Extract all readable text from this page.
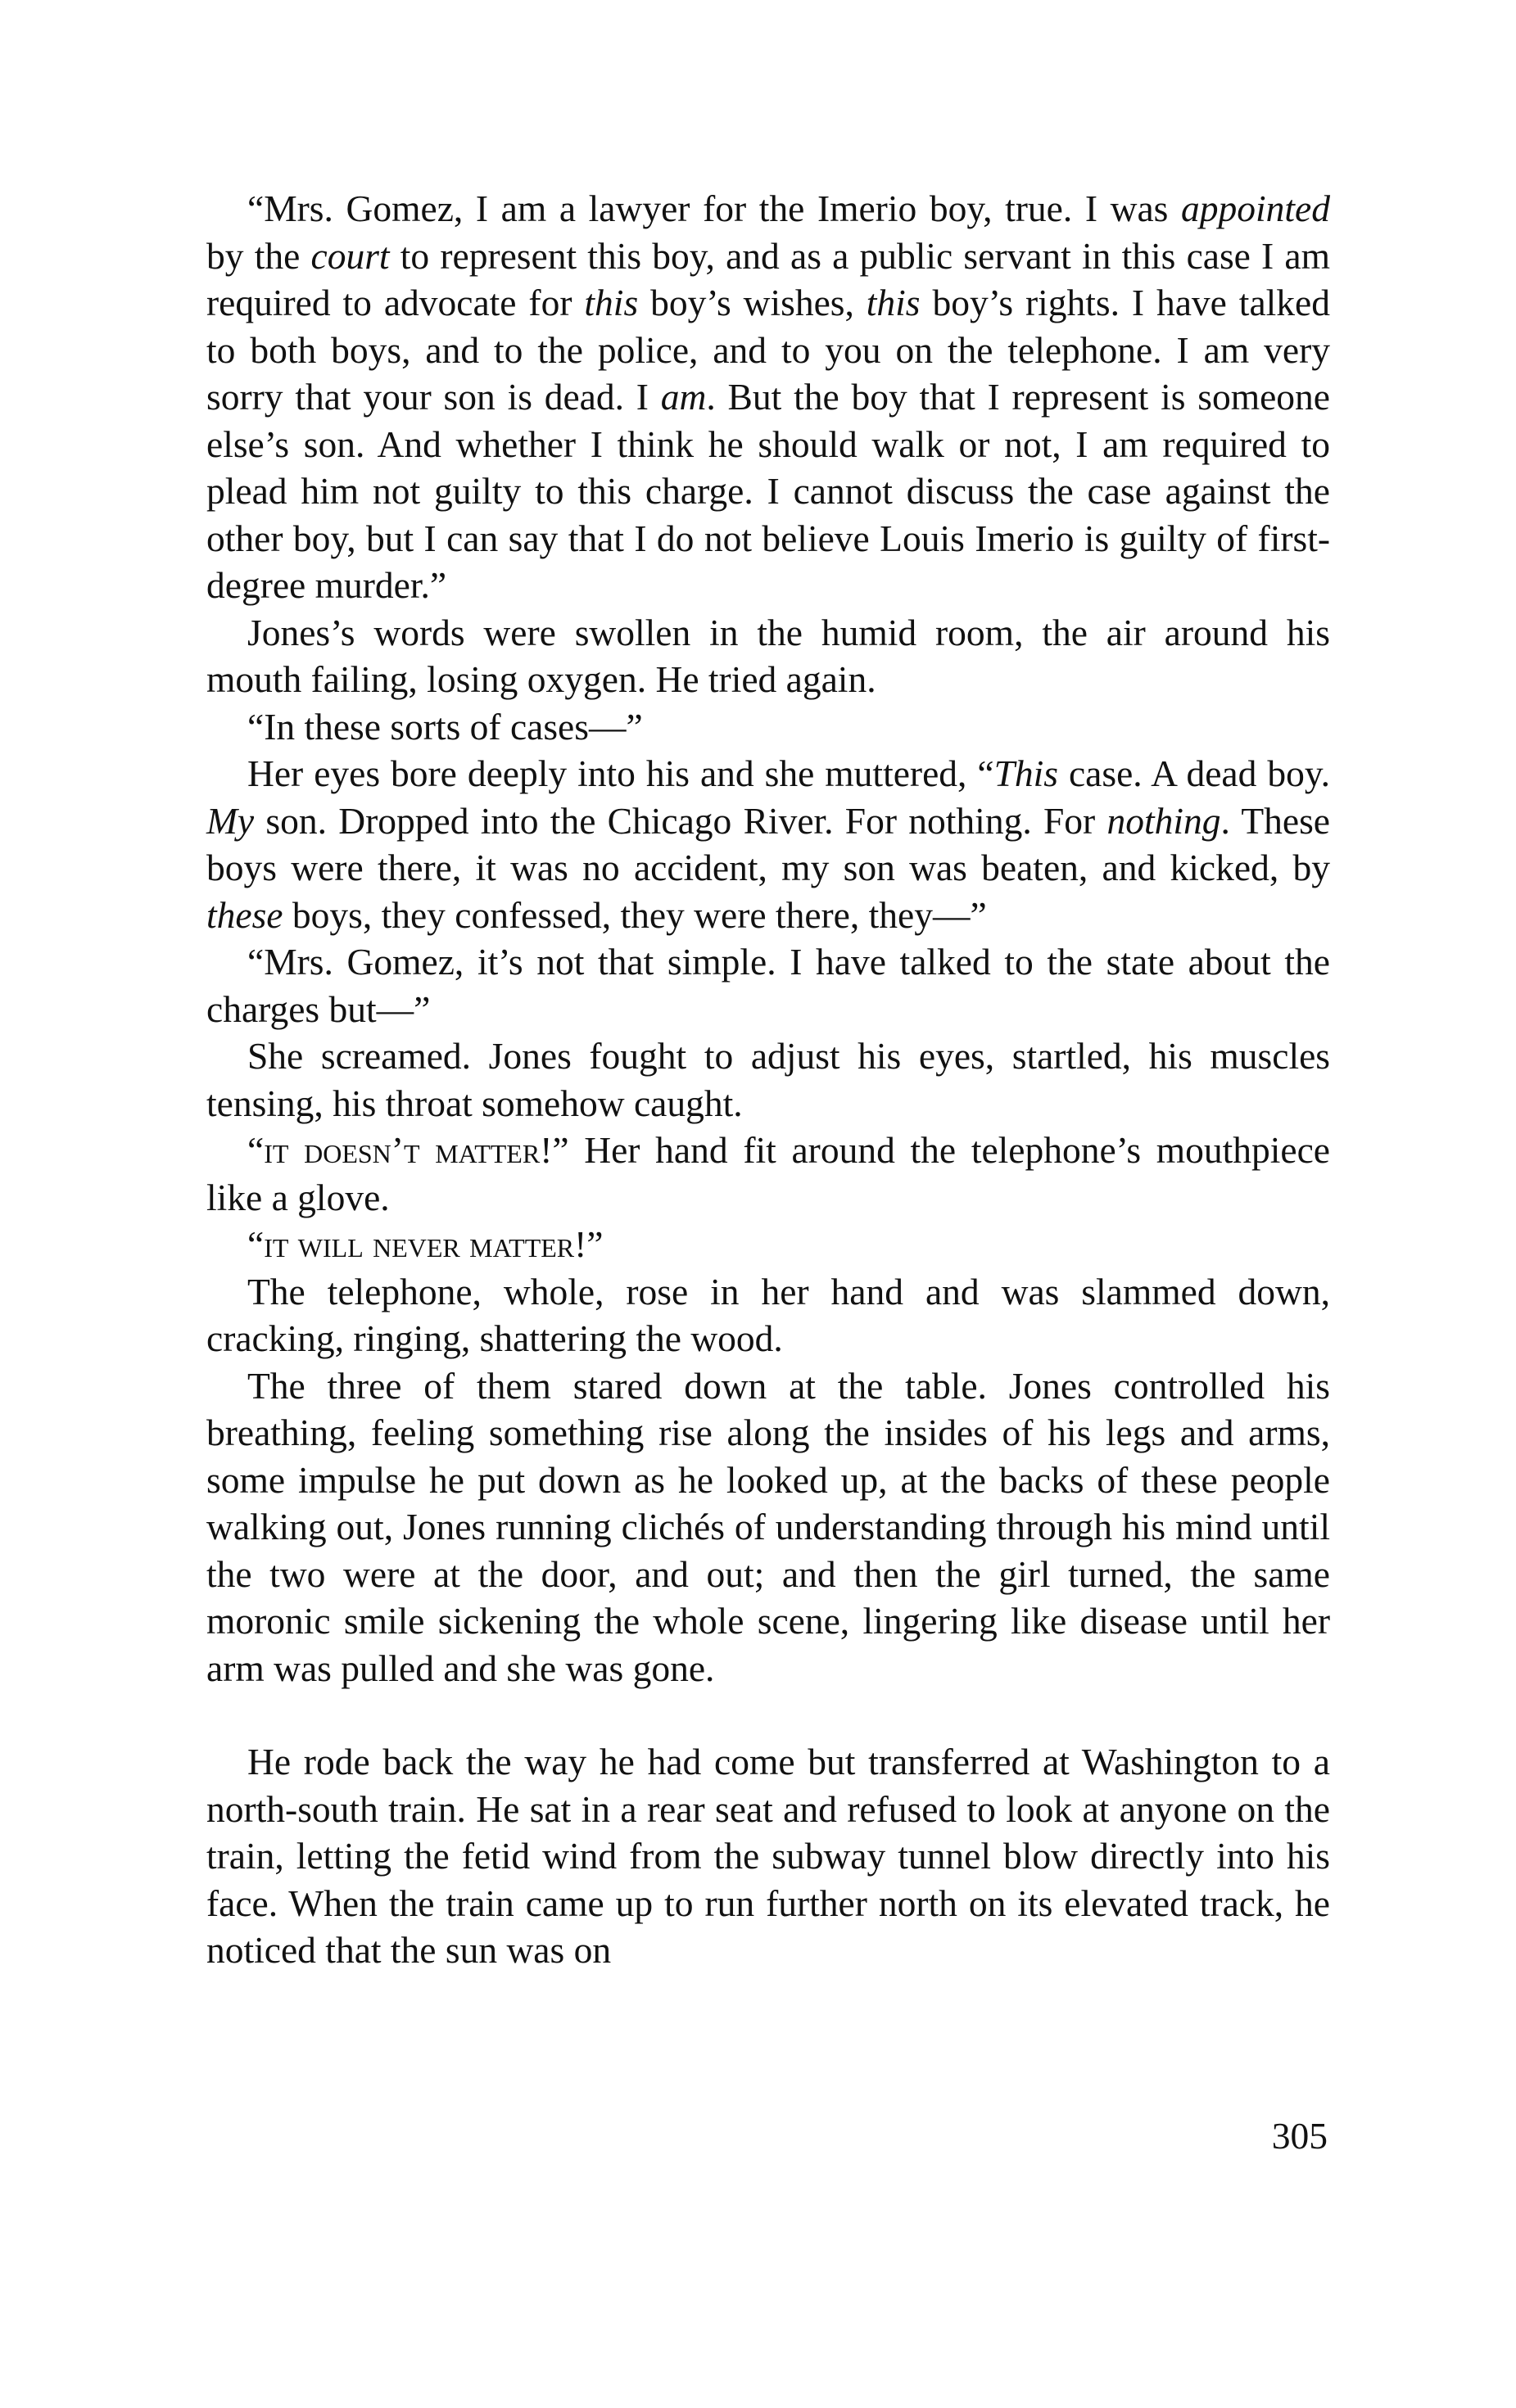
“Mrs. Gomez, I am a lawyer for the Imerio boy, true. I was appointed by the court to represent this boy, and as a public servant in this case I am required to advocate for this boy’s wishes, this boy’s rights. I have talked to both boys, and to the police, and to you on the telephone. I am very sorry that your son is dead. I am. But the boy that I represent is someone else’s son. And whether I think he should walk or not, I am required to plead him not guilty to this charge. I cannot discuss the case against the other boy, but I can say that I do not believe Louis Imerio is guilty of first-degree murder.”

Jones’s words were swollen in the humid room, the air around his mouth failing, losing oxygen. He tried again.

“In these sorts of cases—”

Her eyes bore deeply into his and she muttered, “This case. A dead boy. My son. Dropped into the Chicago River. For nothing. For nothing. These boys were there, it was no accident, my son was beaten, and kicked, by these boys, they confessed, they were there, they—”

“Mrs. Gomez, it’s not that simple. I have talked to the state about the charges but—”

She screamed. Jones fought to adjust his eyes, startled, his muscles tensing, his throat somehow caught.

“it doesn’t matter!” Her hand fit around the telephone’s mouthpiece like a glove.

“it will never matter!”

The telephone, whole, rose in her hand and was slammed down, cracking, ringing, shattering the wood.

The three of them stared down at the table. Jones controlled his breathing, feeling something rise along the insides of his legs and arms, some impulse he put down as he looked up, at the backs of these people walking out, Jones running clichés of understanding through his mind until the two were at the door, and out; and then the girl turned, the same moronic smile sickening the whole scene, lingering like disease until her arm was pulled and she was gone.

He rode back the way he had come but transferred at Washington to a north-south train. He sat in a rear seat and refused to look at anyone on the train, letting the fetid wind from the subway tunnel blow directly into his face. When the train came up to run further north on its elevated track, he noticed that the sun was on

305
